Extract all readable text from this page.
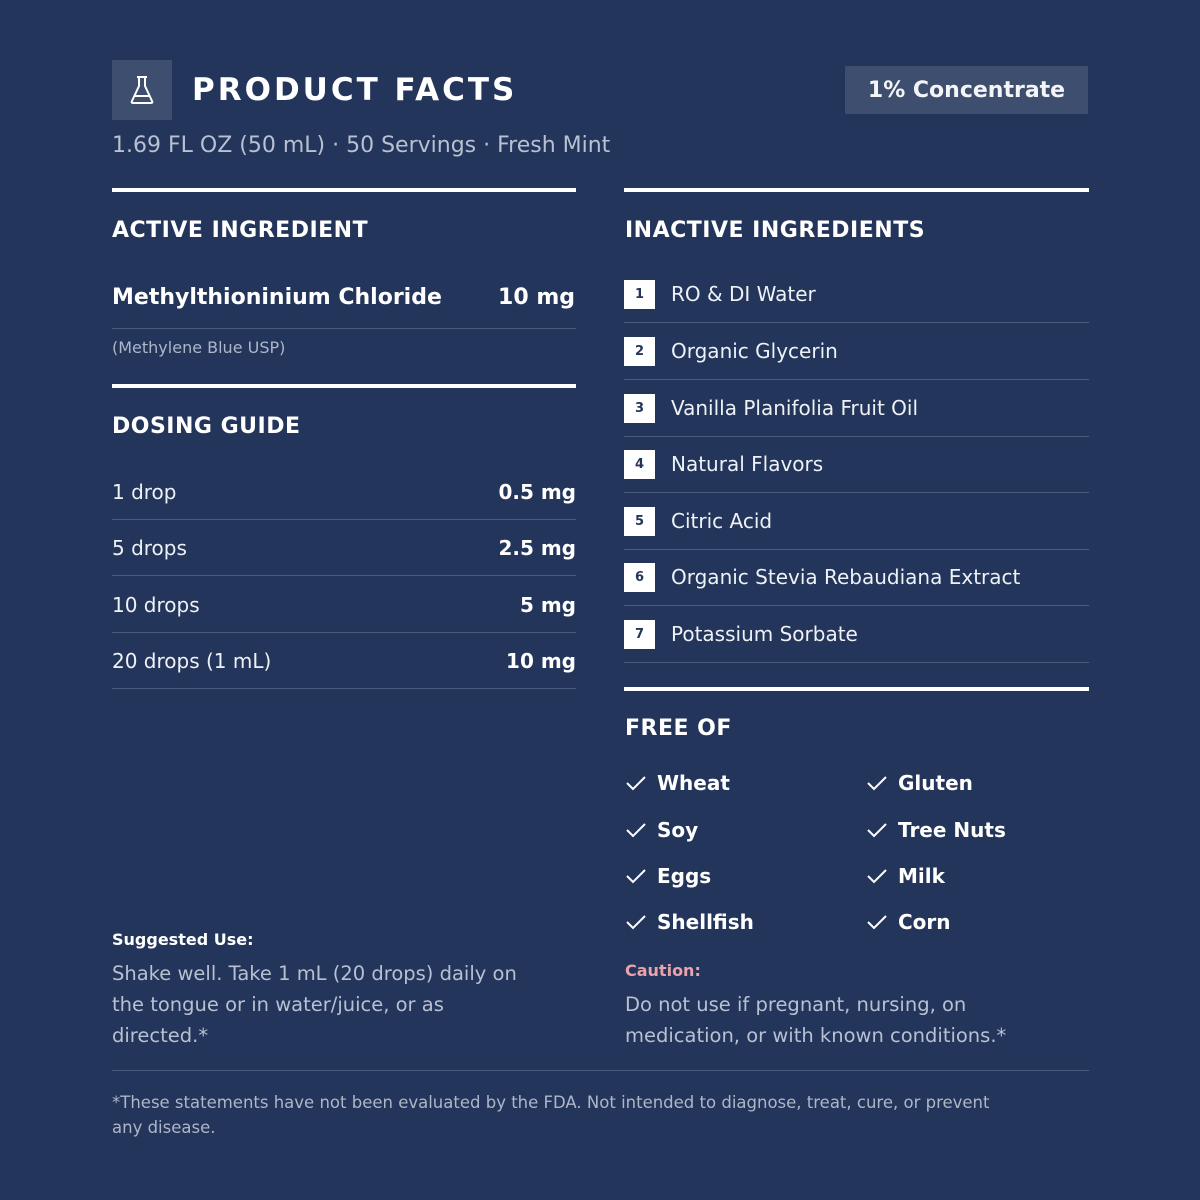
PRODUCT FACTS	1% Concentrate
1.69 FL OZ (50 mL) · 50 Servings · Fresh Mint
ACTIVE INGREDIENT
Methylthioninium Chloride	10 mg
(Methylene Blue USP)
DOSING GUIDE
1 drop	0.5 mg
5 drops	2.5 mg
10 drops	5 mg
20 drops (1 mL)	10 mg
INACTIVE INGREDIENTS
1	RO & DI Water
2	Organic Glycerin
3	Vanilla Planifolia Fruit Oil
4	Natural Flavors
5	Citric Acid
6	Organic Stevia Rebaudiana Extract
7	Potassium Sorbate
FREE OF
Wheat	Gluten
Soy	Tree Nuts
Eggs	Milk
Shellfish	Corn
Suggested Use:
Shake well. Take 1 mL (20 drops) daily on
the tongue or in water/juice, or as
directed.*
Caution:
Do not use if pregnant, nursing, on
medication, or with known conditions.*
*These statements have not been evaluated by the FDA. Not intended to diagnose, treat, cure, or prevent
any disease.
